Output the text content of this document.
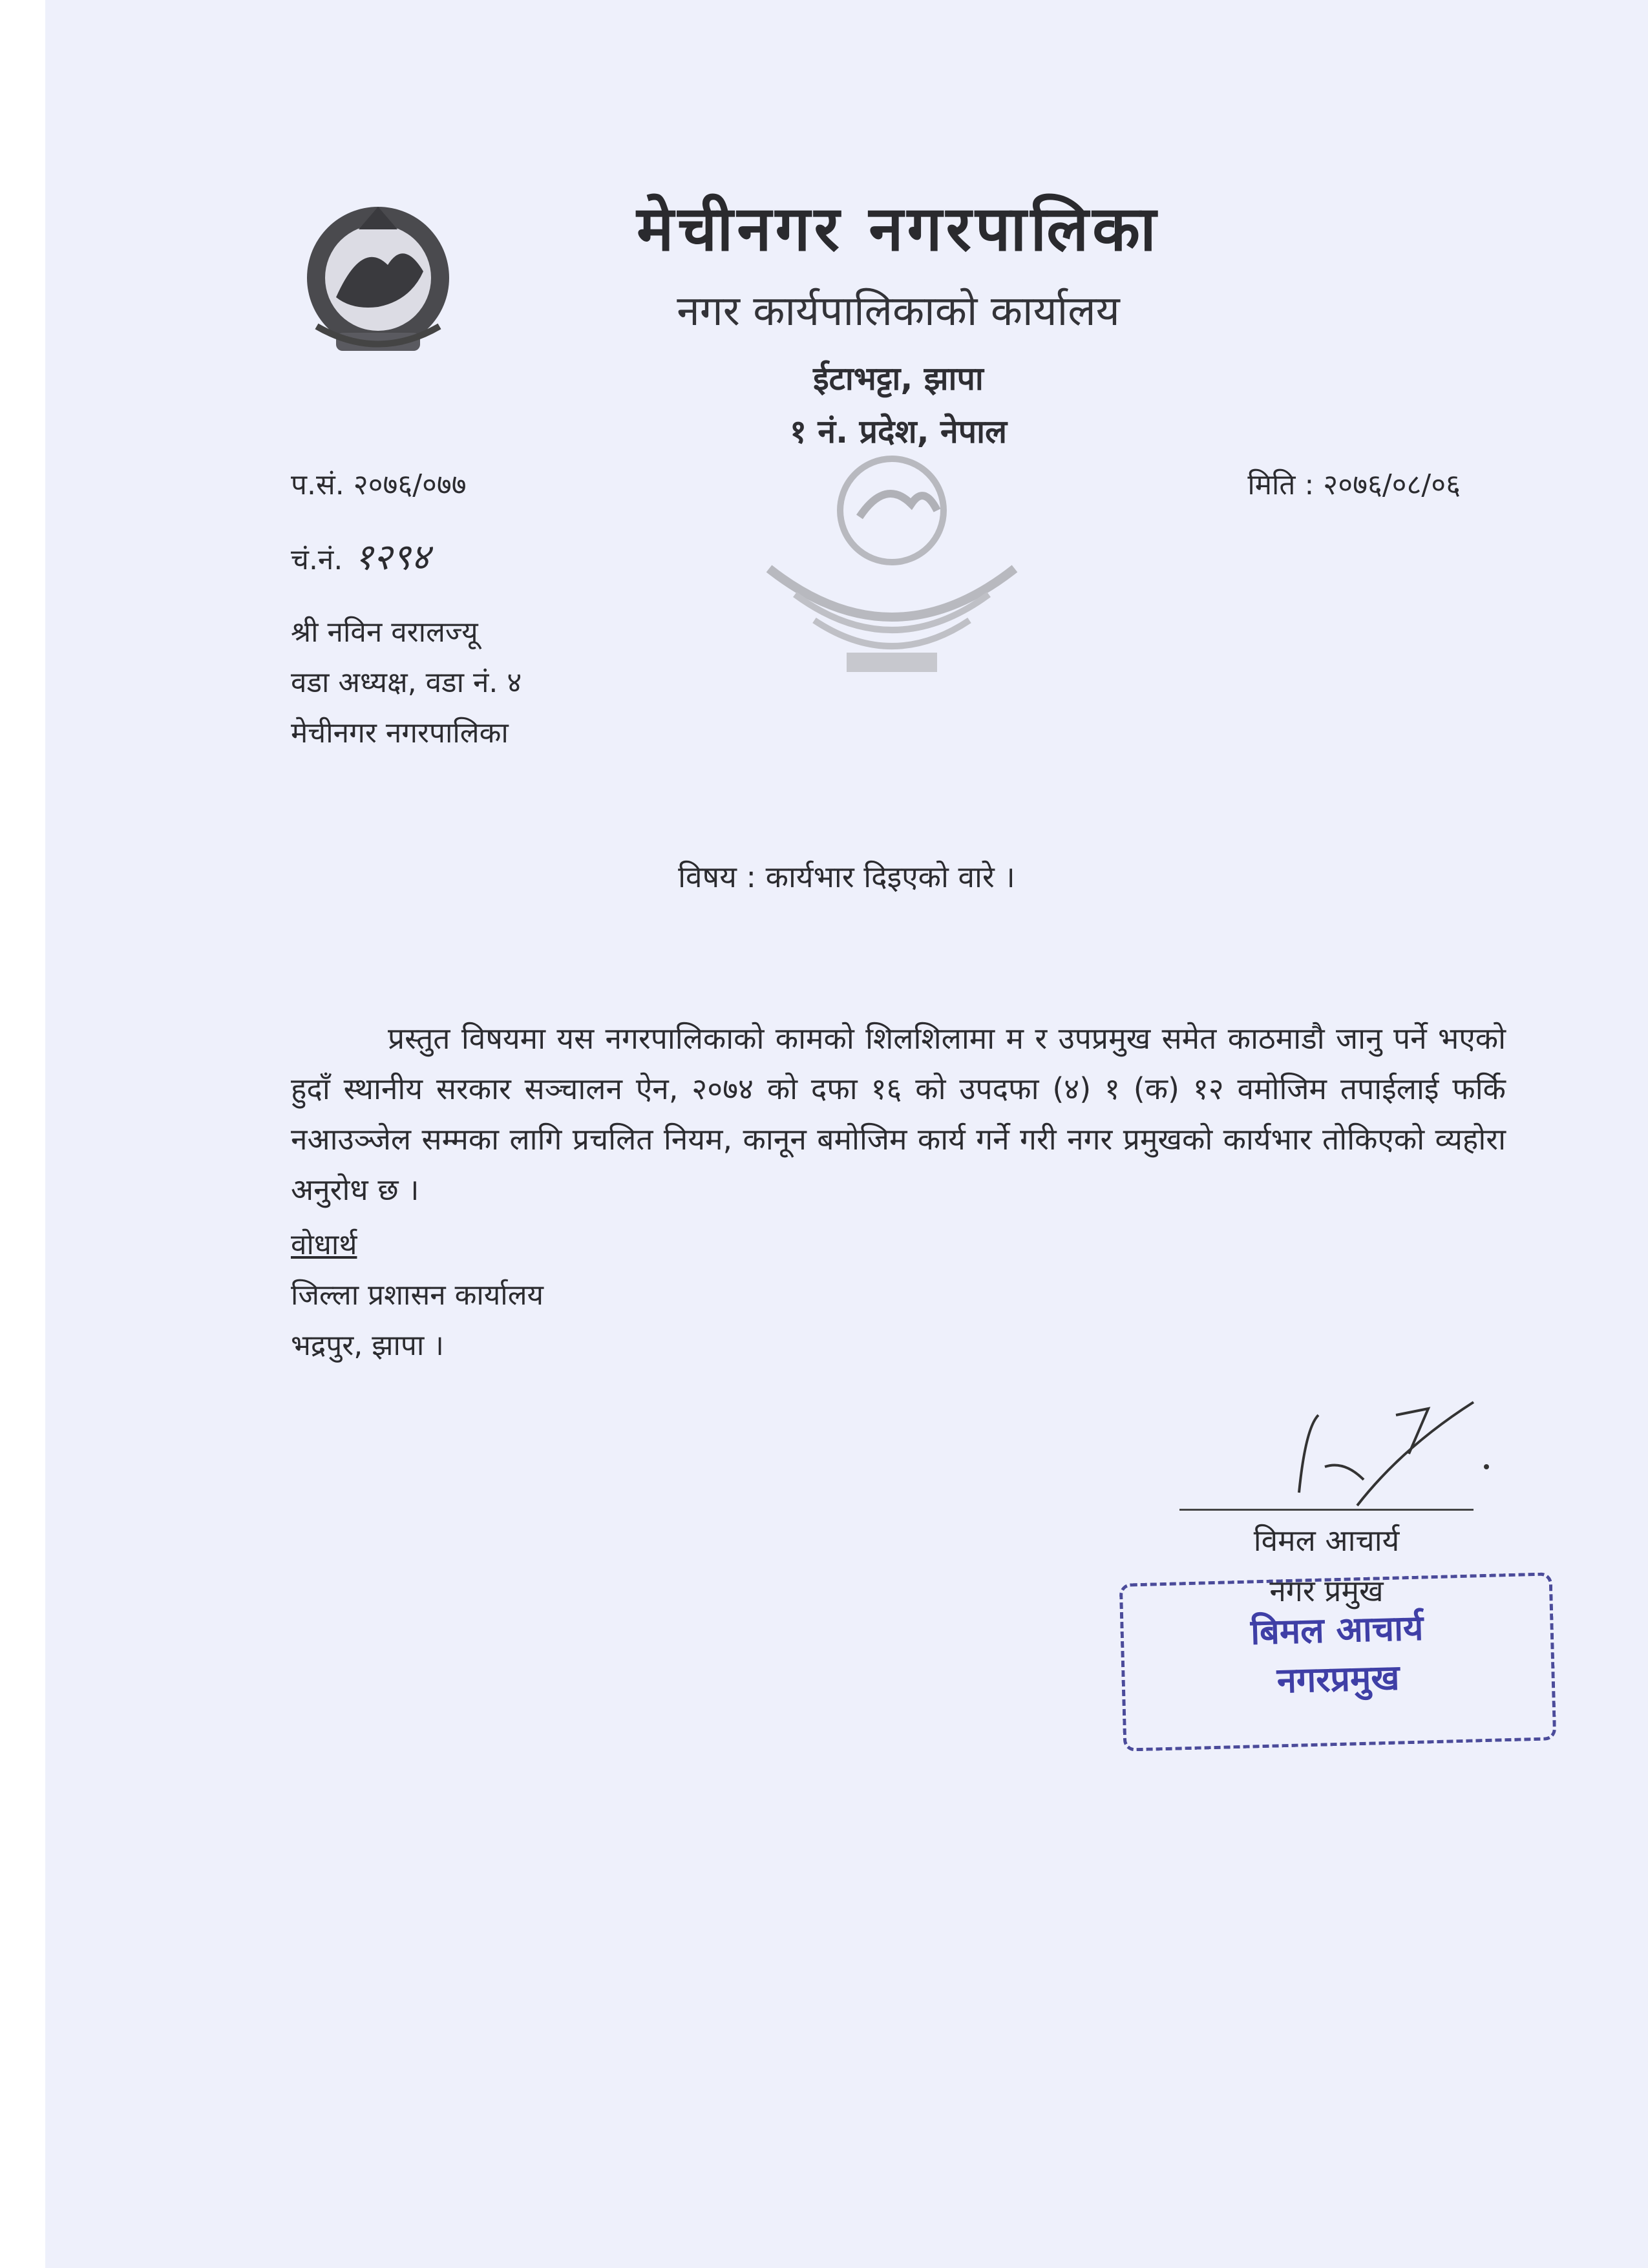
मेचीनगर नगरपालिका
नगर कार्यपालिकाको कार्यालय
ईटाभट्टा, झापा
१ नं. प्रदेश, नेपाल
प.सं. २०७६/०७७	मिति : २०७६/०८/०६
चं.नं. १२९४
श्री नविन वरालज्यू
वडा अध्यक्ष, वडा नं. ४
मेचीनगर नगरपालिका
विषय : कार्यभार दिइएको वारे ।
प्रस्तुत विषयमा यस नगरपालिकाको कामको शिलशिलामा म र उपप्रमुख समेत काठमाडौ जानु पर्ने भएको हुदाँ स्थानीय सरकार सञ्चालन ऐन, २०७४ को दफा १६ को उपदफा (४) १ (क) १२ वमोजिम तपाईलाई फर्कि नआउञ्जेल सम्मका लागि प्रचलित नियम, कानून बमोजिम कार्य गर्ने गरी नगर प्रमुखको कार्यभार तोकिएको व्यहोरा अनुरोध छ ।
वोधार्थ
जिल्ला प्रशासन कार्यालय
भद्रपुर, झापा ।
विमल आचार्य
नगर प्रमुख
बिमल आचार्य
नगरप्रमुख
